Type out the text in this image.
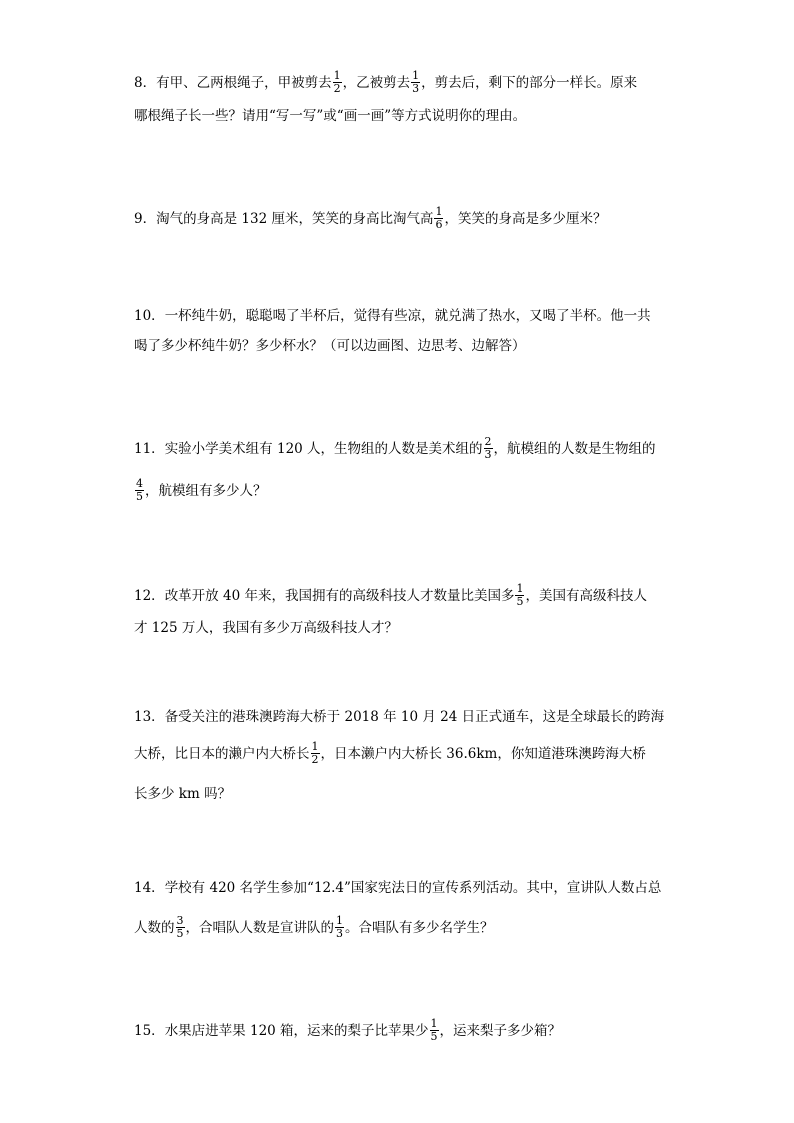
8． 有甲、乙两根绳子，甲被剪去 $\frac{1}{2}$ ，乙被剪去 $\frac{1}{3}$ ，剪去后，剩下的部分一样长。原来
哪根绳子长一些？请用“写一写”或“画一画”等方式说明你的理由。
9． 淘气的身高是 132 厘米，笑笑的身高比淘气高 $\frac{1}{6}$ ，笑笑的身高是多少厘米？
10． 一杯纯牛奶，聪聪喝了半杯后，觉得有些凉，就兑满了热水，又喝了半杯。他一共
喝了多少杯纯牛奶？多少杯水？（可以边画图、边思考、边解答）
11． 实验小学美术组有 120 人，生物组的人数是美术组的 $\frac{2}{3}$ ，航模组的人数是生物组的
$\frac{4}{5}$ ，航模组有多少人？
12． 改革开放 40 年来，我国拥有的高级科技人才数量比美国多 $\frac{1}{5}$ ，美国有高级科技人
才 125 万人，我国有多少万高级科技人才？
13． 备受关注的港珠澳跨海大桥于 2018 年 10 月 24 日正式通车，这是全球最长的跨海
大桥，比日本的濑户内大桥长 $\frac{1}{2}$ ，日本濑户内大桥长 36.6km，你知道港珠澳跨海大桥
长多少 km 吗？
14． 学校有 420 名学生参加“12.4”国家宪法日的宣传系列活动。其中，宣讲队人数占总
人数的 $\frac{3}{5}$ ，合唱队人数是宣讲队的 $\frac{1}{3}$ 。合唱队有多少名学生？
15． 水果店进苹果 120 箱，运来的梨子比苹果少 $\frac{1}{5}$ ，运来梨子多少箱？
